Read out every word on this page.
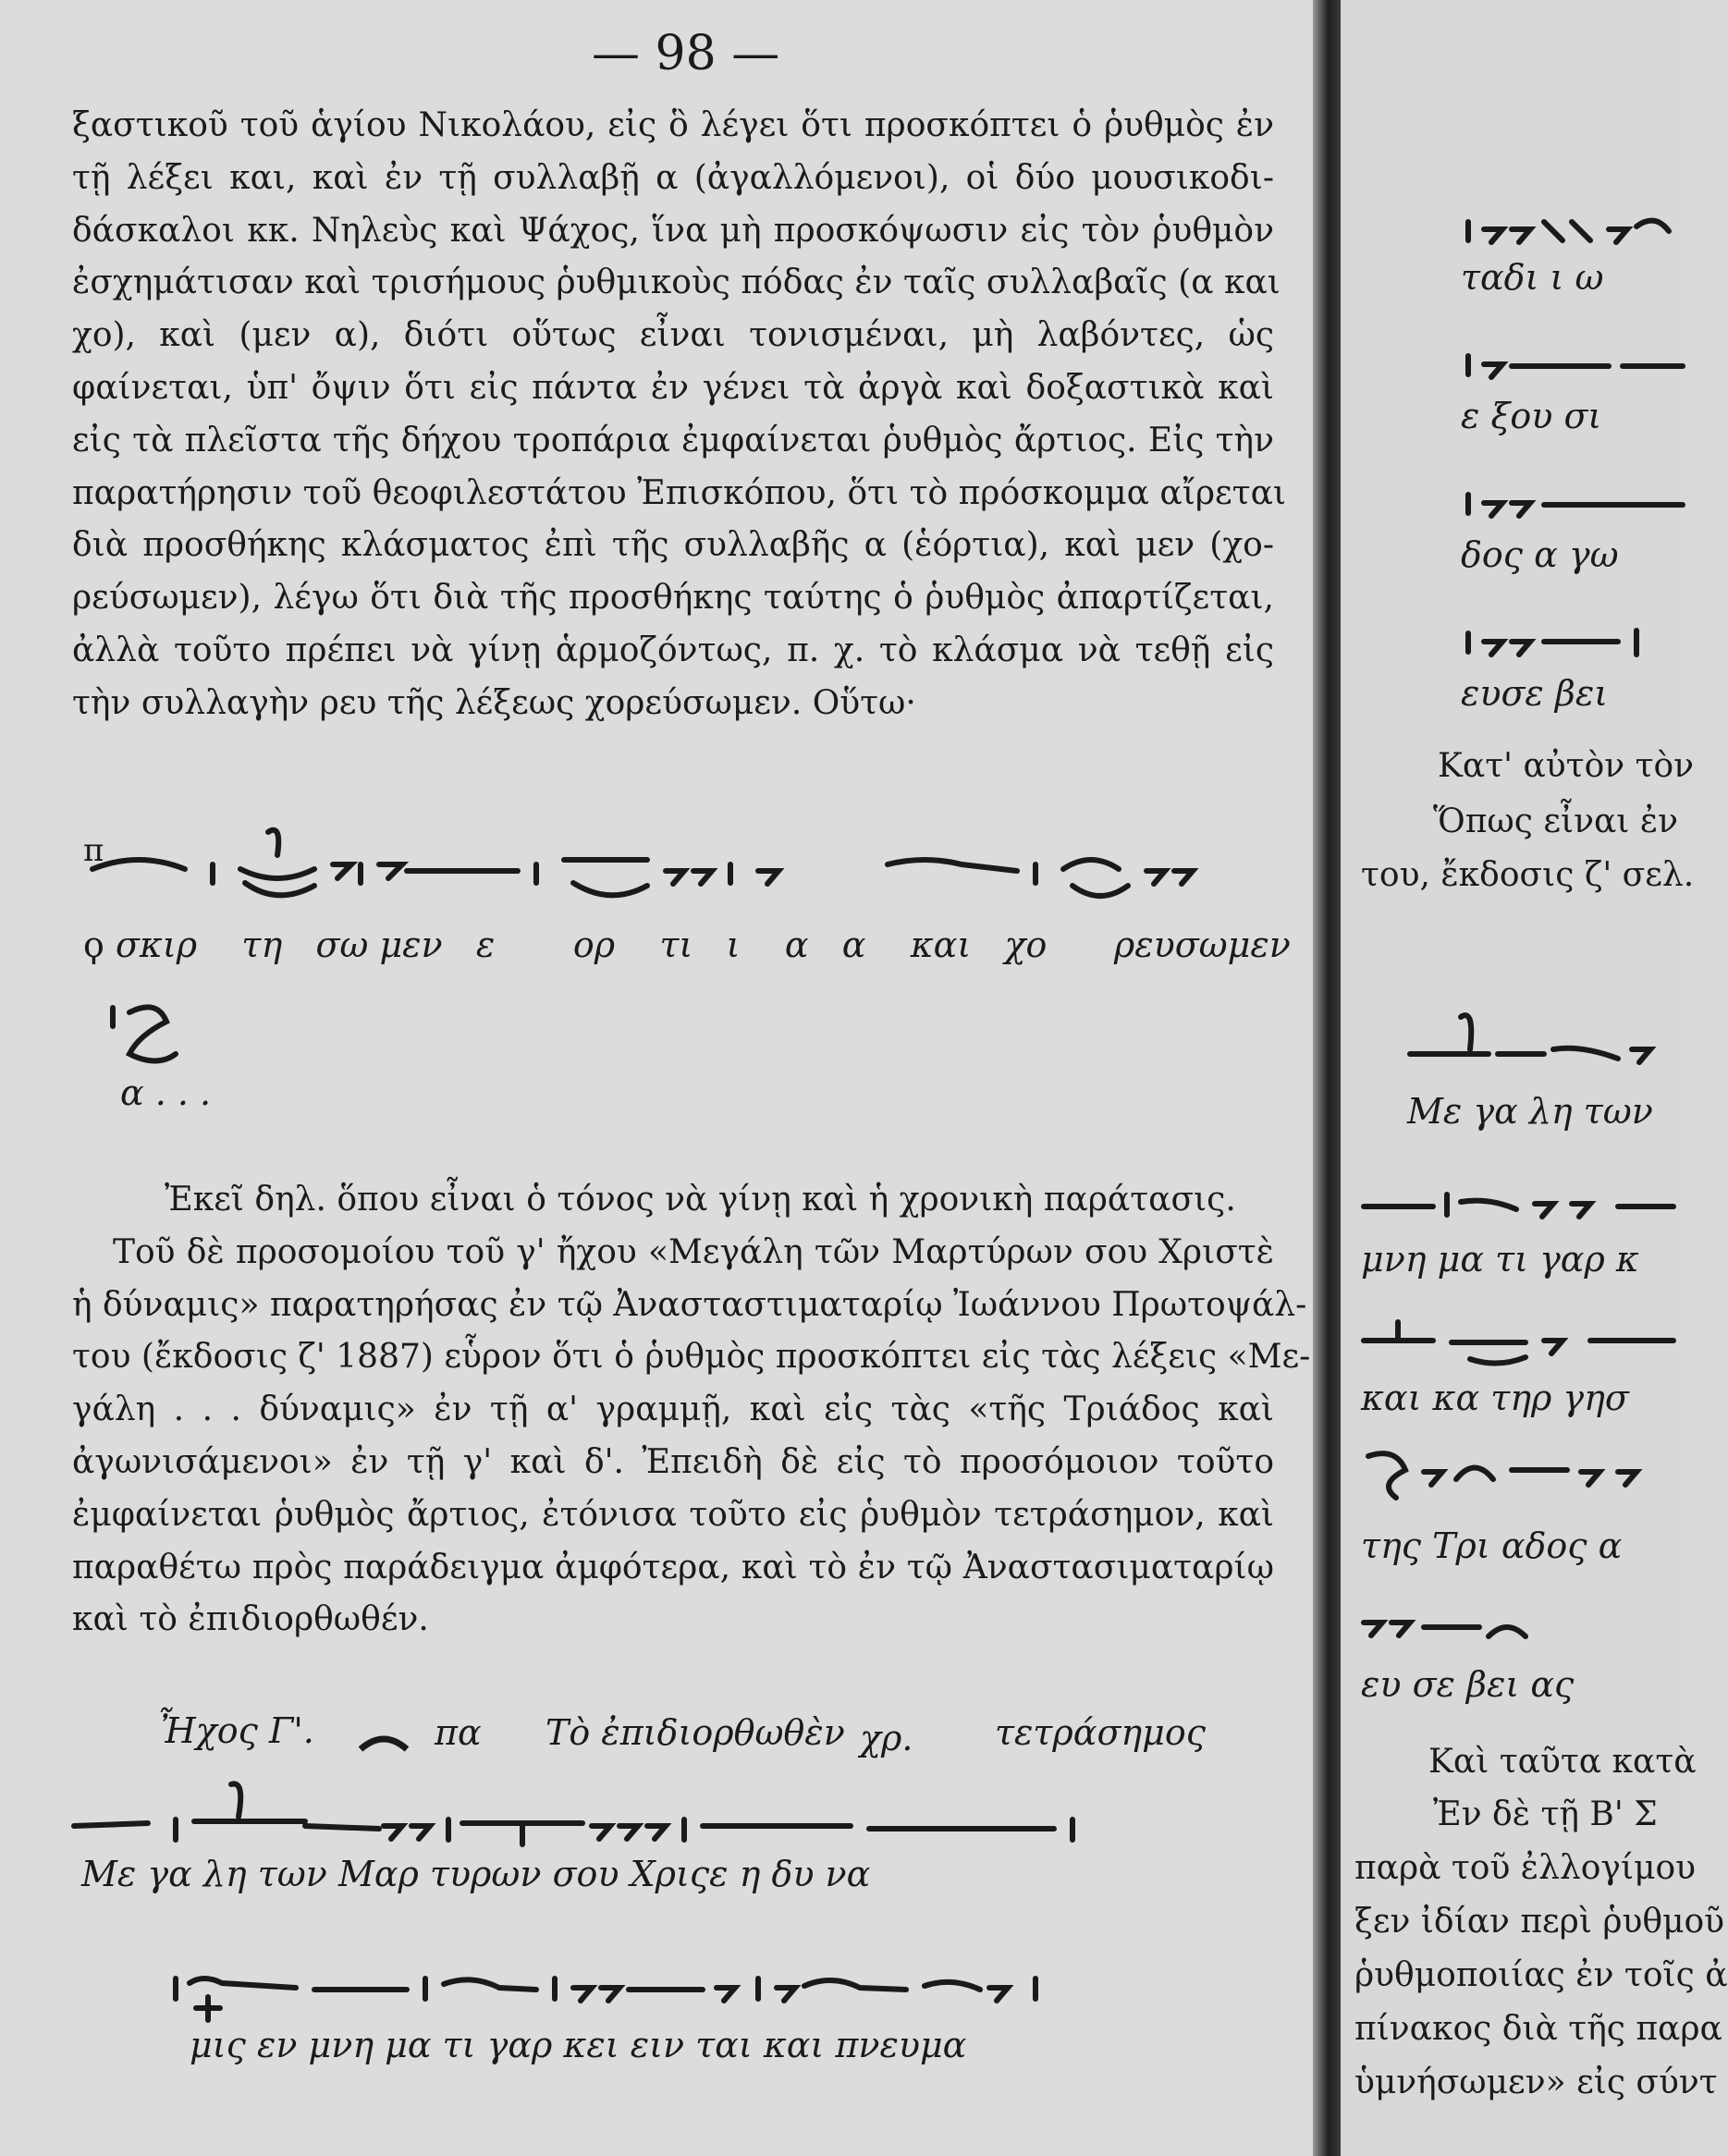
— 98 —
ξαστικοῦ τοῦ ἁγίου Νικολάου, εἰς ὃ λέγει ὅτι προσκόπτει ὁ ῥυθμὸς ἐν
τῇ λέξει και, καὶ ἐν τῇ συλλαβῇ α (ἀγαλλόμενοι), οἱ δύο μουσικοδι-
δάσκαλοι κκ. Νηλεὺς καὶ Ψάχος, ἵνα μὴ προσκόψωσιν εἰς τὸν ῥυθμὸν
ἐσχημάτισαν καὶ τρισήμους ῥυθμικοὺς πόδας ἐν ταῖς συλλαβαῖς (α και
χο), καὶ (μεν α), διότι οὕτως εἶναι τονισμέναι, μὴ λαβόντες, ὡς
φαίνεται, ὑπ' ὄψιν ὅτι εἰς πάντα ἐν γένει τὰ ἀργὰ καὶ δοξαστικὰ καὶ
εἰς τὰ πλεῖστα τῆς δήχου τροπάρια ἐμφαίνεται ῥυθμὸς ἄρτιος. Εἰς τὴν
παρατήρησιν τοῦ θεοφιλεστάτου Ἐπισκόπου, ὅτι τὸ πρόσκομμα αἴρεται
διὰ προσθήκης κλάσματος ἐπὶ τῆς συλλαβῆς α (ἑόρτια), καὶ μεν (χο-
ρεύσωμεν), λέγω ὅτι διὰ τῆς προσθήκης ταύτης ὁ ῥυθμὸς ἀπαρτίζεται,
ἀλλὰ τοῦτο πρέπει νὰ γίνῃ ἁρμοζόντως, π. χ. τὸ κλάσμα νὰ τεθῇ εἰς
τὴν συλλαγὴν ρευ τῆς λέξεως χορεύσωμεν. Οὕτω·
π
ϙ σκιρ τη σω μεν ε ορ τι ι α α και χο ρευσωμεν
α . . .
Ἐκεῖ δηλ. ὅπου εἶναι ὁ τόνος νὰ γίνῃ καὶ ἡ χρονικὴ παράτασις.
Τοῦ δὲ προσομοίου τοῦ γ' ἤχου «Μεγάλη τῶν Μαρτύρων σου Χριστὲ
ἡ δύναμις» παρατηρήσας ἐν τῷ Ἀνασταστιματαρίῳ Ἰωάννου Πρωτοψάλ-
του (ἔκδοσις ζ' 1887) εὗρον ὅτι ὁ ῥυθμὸς προσκόπτει εἰς τὰς λέξεις «Με-
γάλη . . . δύναμις» ἐν τῇ α' γραμμῇ, καὶ εἰς τὰς «τῆς Τριάδος καὶ
ἀγωνισάμενοι» ἐν τῇ γ' καὶ δ'. Ἐπειδὴ δὲ εἰς τὸ προσόμοιον τοῦτο
ἐμφαίνεται ῥυθμὸς ἄρτιος, ἐτόνισα τοῦτο εἰς ῥυθμὸν τετράσημον, καὶ
παραθέτω πρὸς παράδειγμα ἀμφότερα, καὶ τὸ ἐν τῷ Ἀναστασιματαρίῳ
καὶ τὸ ἐπιδιορθωθέν.
Ἦχος Γ'.	πα Τὸ ἐπιδιορθωθὲν χρ. τετράσημος
Με γα λη των Μαρ τυρων σου Χριςε η δυ να
μις εν μνη μα τι γαρ κει ειν ται και πνευμα
ταδι ι ω
ε ξου σι
δος α γω
ευσε βει
Κατ' αὐτὸν τὸν
Ὅπως εἶναι ἐν
του, ἔκδοσις ζ' σελ.
Με γα λη των
μνη μα τι γαρ κ
και κα τηρ γησ
της Τρι αδος α
ευ σε βει ας
Καὶ ταῦτα κατὰ
Ἐν δὲ τῇ Β' Σ
παρὰ τοῦ ἐλλογίμου
ξεν ἰδίαν περὶ ῥυθμοῦ
ῥυθμοποιίας ἐν τοῖς ἀ
πίνακος διὰ τῆς παρα
ὑμνήσωμεν» εἰς σύντ
